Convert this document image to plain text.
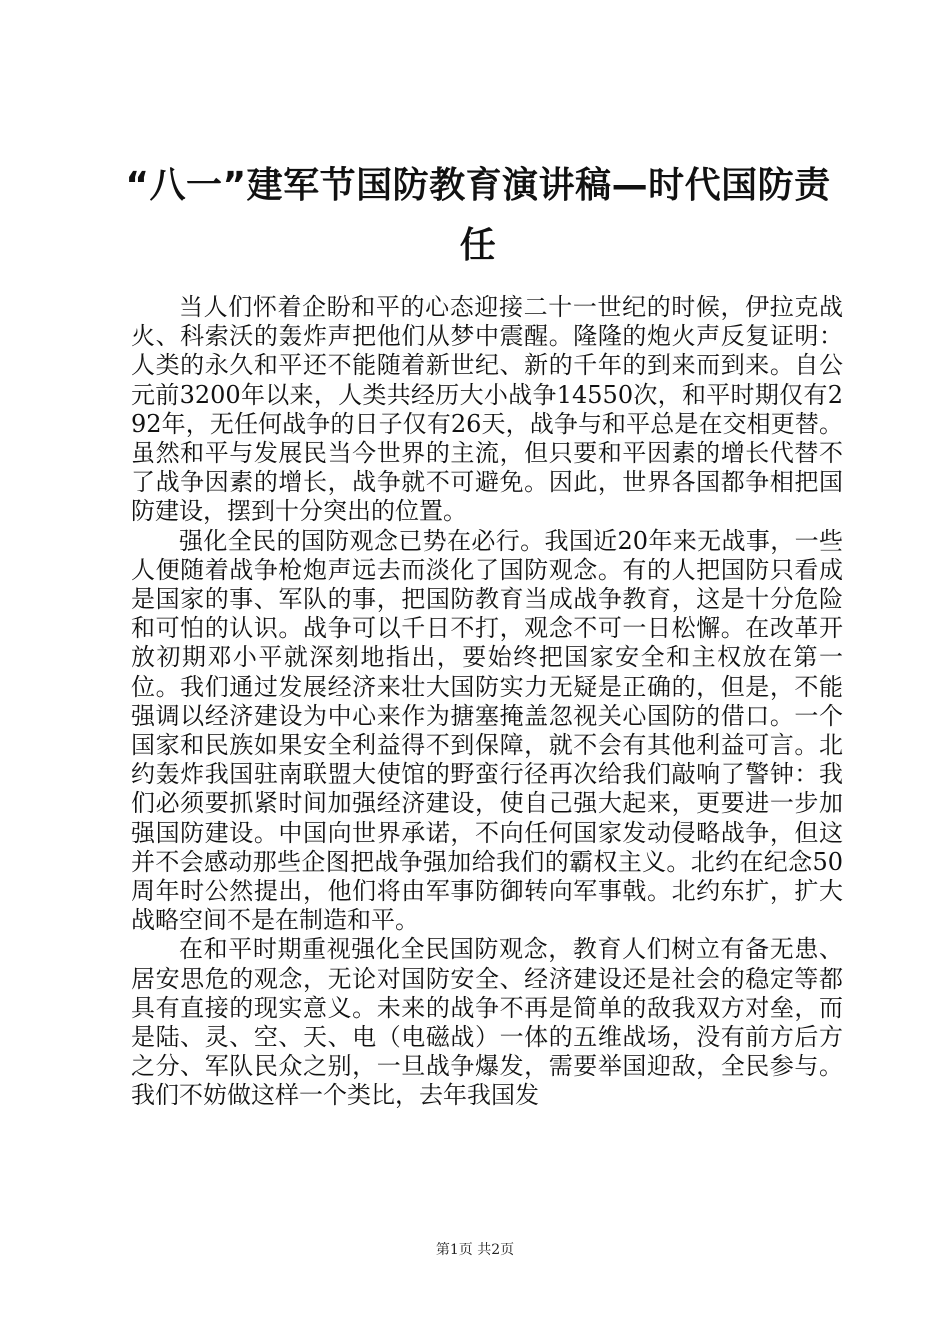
“八一”建军节国防教育演讲稿—时代国防责任

当人们怀着企盼和平的心态迎接二十一世纪的时候，伊拉克战火、科索沃的轰炸声把他们从梦中震醒。隆隆的炮火声反复证明：人类的永久和平还不能随着新世纪、新的千年的到来而到来。自公元前3200年以来，人类共经历大小战争14550次，和平时期仅有292年，无任何战争的日子仅有26天，战争与和平总是在交相更替。虽然和平与发展民当今世界的主流，但只要和平因素的增长代替不了战争因素的增长，战争就不可避免。因此，世界各国都争相把国防建设，摆到十分突出的位置。

强化全民的国防观念已势在必行。我国近20年来无战事，一些人便随着战争枪炮声远去而淡化了国防观念。有的人把国防只看成是国家的事、军队的事，把国防教育当成战争教育，这是十分危险和可怕的认识。战争可以千日不打，观念不可一日松懈。在改革开放初期邓小平就深刻地指出，要始终把国家安全和主权放在第一位。我们通过发展经济来壮大国防实力无疑是正确的，但是，不能强调以经济建设为中心来作为搪塞掩盖忽视关心国防的借口。一个国家和民族如果安全利益得不到保障，就不会有其他利益可言。北约轰炸我国驻南联盟大使馆的野蛮行径再次给我们敲响了警钟：我们必须要抓紧时间加强经济建设，使自己强大起来，更要进一步加强国防建设。中国向世界承诺，不向任何国家发动侵略战争，但这并不会感动那些企图把战争强加给我们的霸权主义。北约在纪念50周年时公然提出，他们将由军事防御转向军事戟。北约东扩，扩大战略空间不是在制造和平。

在和平时期重视强化全民国防观念，教育人们树立有备无患、居安思危的观念，无论对国防安全、经济建设还是社会的稳定等都具有直接的现实意义。未来的战争不再是简单的敌我双方对垒，而是陆、灵、空、天、电（电磁战）一体的五维战场，没有前方后方之分、军队民众之别，一旦战争爆发，需要举国迎敌，全民参与。我们不妨做这样一个类比，去年我国发

第1页 共2页
